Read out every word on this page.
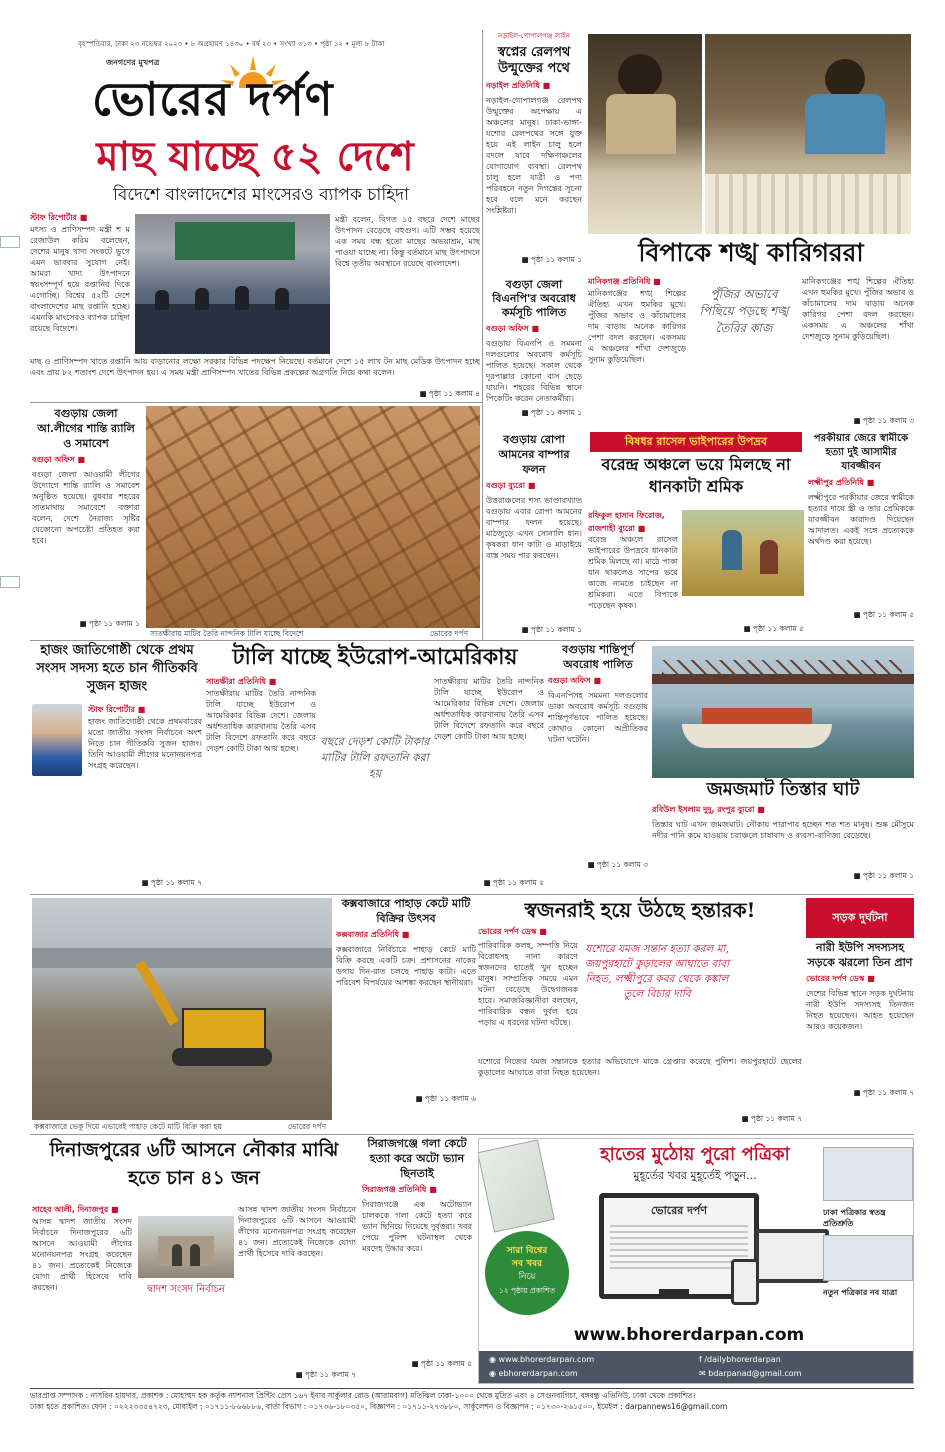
বৃহস্পতিবার, ঢাকা ২৩ নভেম্বর ২০২৩ • ৮ অগ্রহায়ণ ১৪৩০ • বর্ষ ২৩ • সংখ্যা ৩১৩ • পৃষ্ঠা ১২ • মূল্য ৮ টাকা
জনগণের মুখপত্র
ভোরের দর্পণ
মাছ যাচ্ছে ৫২ দেশে
বিদেশে বাংলাদেশের মাংসেরও ব্যাপক চাহিদা
স্টাফ রিপোর্টার ■
মৎস্য ও প্রাণিসম্পদ মন্ত্রী শ ম রেজাউল করিম বলেছেন, দেশের মানুষ খাদ্য সংকটে ভুগে এমন ভাববার সুযোগ নেই। আমরা খাদ্য উৎপাদনে স্বয়ংসম্পূর্ণ হয়ে রপ্তানির দিকে এগোচ্ছি। বিশ্বের ৫২টি দেশে বাংলাদেশের মাছ রপ্তানি হচ্ছে। এমনকি মাংসেরও ব্যাপক চাহিদা রয়েছে বিদেশে।
মন্ত্রী বলেন, বিগত ১৫ বছরে দেশে মাছের উৎপাদন বেড়েছে বহুগুণ। এটি সম্ভব হয়েছে এক সময় বন্ধ হতো মাছের অভয়াশ্রম, মাছ পাওয়া যাচ্ছে না। কিন্তু বর্তমানে মাছ উৎপাদনে বিশ্বে তৃতীয় অবস্থানে রয়েছে বাংলাদেশ।
মাছ ও প্রাণিসম্পদ খাতে রপ্তানি আয় বাড়ানোর লক্ষ্যে সরকার বিভিন্ন পদক্ষেপ নিয়েছে। বর্তমানে দেশে ১৫ লাখ টন মাছ মেডিক উৎপাদন হচ্ছে এবং প্রায় ৮২ শতাংশ দেশে উৎপাদন হয়। এ সময় মন্ত্রী প্রাণিসম্পদ খাতের বিভিন্ন প্রকল্পের অগ্রগতি নিয়ে কথা বলেন।
■ পৃষ্ঠা ১১ কলাম ৪
নড়াইল-গোপালগঞ্জ লাইন
স্বপ্নের রেলপথ উন্মুক্তের পথে
নড়াইল প্রতিনিধি ■
নড়াইল-গোপালগঞ্জ রেলপথ উন্মুক্তের অপেক্ষায় এ অঞ্চলের মানুষ। ঢাকা-ভাঙ্গা-যশোর রেলপথের সঙ্গে যুক্ত হয়ে এই লাইন চালু হলে বদলে যাবে দক্ষিণাঞ্চলের যোগাযোগ ব্যবস্থা। রেলপথ চালু হলে যাত্রী ও পণ্য পরিবহনে নতুন দিগন্তের সূচনা হবে বলে মনে করছেন সংশ্লিষ্টরা।
■ পৃষ্ঠা ১১ কলাম ১
বগুড়া জেলা বিএনপি'র অবরোধ কর্মসূচি পালিত
বগুড়া অফিস ■
বগুড়ায় বিএনপি ও সমমনা দলগুলোর অবরোধ কর্মসূচি পালিত হয়েছে। সকাল থেকে দূরপাল্লার কোনো বাস ছেড়ে যায়নি। শহরের বিভিন্ন স্থানে পিকেটিং করেন নেতাকর্মীরা।
■ পৃষ্ঠা ১১ কলাম ১
বিপাকে শঙ্খ কারিগররা
মানিকগঞ্জ প্রতিনিধি ■
মানিকগঞ্জের শঙ্খ শিল্পের ঐতিহ্য এখন হুমকির মুখে। পুঁজির অভাব ও কাঁচামালের দাম বাড়ায় অনেক কারিগর পেশা বদল করছেন। একসময় এ অঞ্চলের শাঁখা দেশজুড়ে সুনাম কুড়িয়েছিল।
পুঁজির অভাবে পিছিয়ে পড়ছে শঙ্খ তৈরির কাজ
মানিকগঞ্জের শঙ্খ শিল্পের ঐতিহ্য এখন হুমকির মুখে। পুঁজির অভাব ও কাঁচামালের দাম বাড়ায় অনেক কারিগর পেশা বদল করছেন। একসময় এ অঞ্চলের শাঁখা দেশজুড়ে সুনাম কুড়িয়েছিল।
■ পৃষ্ঠা ১১ কলাম ৩
বগুড়ায় জেলা আ.লীগের শান্তি র‍্যালি ও সমাবেশ
বগুড়া অফিস ■
বগুড়া জেলা আওয়ামী লীগের উদ্যোগে শান্তি র‍্যালি ও সমাবেশ অনুষ্ঠিত হয়েছে। বুধবার শহরের সাতমাথায় সমাবেশে বক্তারা বলেন, দেশে নৈরাজ্য সৃষ্টির যেকোনো অপচেষ্টা প্রতিহত করা হবে।
■ পৃষ্ঠা ১১ কলাম ১
সাতক্ষীরায় মাটির তৈরি নান্দনিক টালি যাচ্ছে বিদেশে	ভোরের দর্পণ
বগুড়ায় রোপা আমনের বাম্পার ফলন
বগুড়া ব্যুরো ■
উত্তরাঞ্চলের শস্য ভাণ্ডারখ্যাত বগুড়ায় এবার রোপা আমনের বাম্পার ফলন হয়েছে। মাঠজুড়ে এখন সোনালি ধান। কৃষকরা ধান কাটা ও মাড়াইয়ে ব্যস্ত সময় পার করছেন।
■ পৃষ্ঠা ১১ কলাম ১
বিষধর রাসেল ভাইপারের উপদ্রব
বরেন্দ্র অঞ্চলে ভয়ে মিলছে না ধানকাটা শ্রমিক
রফিকুল হাসান ফিরোজ, রাজশাহী ব্যুরো ■
বরেন্দ্র অঞ্চলে রাসেল ভাইপারের উপদ্রবে ধানকাটা শ্রমিক মিলছে না। মাঠে পাকা ধান থাকলেও সাপের ভয়ে কাজে নামতে চাইছেন না শ্রমিকরা। এতে বিপাকে পড়েছেন কৃষক।
■ পৃষ্ঠা ১১ কলাম ৫
পরকীয়ার জেরে স্বামীকে হত্যা দুই আসামীর যাবজ্জীবন
লক্ষ্মীপুর প্রতিনিধি ■
লক্ষ্মীপুরে পরকীয়ার জেরে স্বামীকে হত্যার দায়ে স্ত্রী ও তার প্রেমিককে যাবজ্জীবন কারাদণ্ড দিয়েছেন আদালত। একই সঙ্গে প্রত্যেককে অর্থদণ্ড করা হয়েছে।
■ পৃষ্ঠা ১১ কলাম ৫
হাজং জাতিগোষ্ঠী থেকে প্রথম সংসদ সদস্য হতে চান গীতিকবি সুজন হাজং
স্টাফ রিপোর্টার ■
হাজং জাতিগোষ্ঠী থেকে প্রথমবারের মতো জাতীয় সংসদ নির্বাচনে অংশ নিতে চান গীতিকবি সুজন হাজং। তিনি আওয়ামী লীগের মনোনয়নপত্র সংগ্রহ করেছেন।
■ পৃষ্ঠা ১১ কলাম ৭
টালি যাচ্ছে ইউরোপ-আমেরিকায়
সাতক্ষীরা প্রতিনিধি ■
সাতক্ষীরায় মাটির তৈরি নান্দনিক টালি যাচ্ছে ইউরোপ ও আমেরিকার বিভিন্ন দেশে। জেলায় অর্ধশতাধিক কারখানায় তৈরি এসব টালি বিদেশে রফতানি করে বছরে দেড়শ কোটি টাকা আয় হচ্ছে।
বছরে দেড়শ কোটি টাকার মাটির টালি রফতানি করা হয়
সাতক্ষীরায় মাটির তৈরি নান্দনিক টালি যাচ্ছে ইউরোপ ও আমেরিকার বিভিন্ন দেশে। জেলায় অর্ধশতাধিক কারখানায় তৈরি এসব টালি বিদেশে রফতানি করে বছরে দেড়শ কোটি টাকা আয় হচ্ছে।
■ পৃষ্ঠা ১১ কলাম ৫
বগুড়ায় শান্তিপূর্ণ অবরোধ পালিত
বগুড়া অফিস ■
বিএনপিসহ সমমনা দলগুলোর ডাকা অবরোধ কর্মসূচি বগুড়ায় শান্তিপূর্ণভাবে পালিত হয়েছে। কোথাও কোনো অপ্রীতিকর ঘটনা ঘটেনি।
■ পৃষ্ঠা ১১ কলাম ৩
জমজমাট তিস্তার ঘাট
রবিউল ইসলাম দুদু, রংপুর ব্যুরো ■
তিস্তার ঘাট এখন জমজমাট। নৌকায় পারাপার হচ্ছেন শত শত মানুষ। শুষ্ক মৌসুমে নদীর পানি কমে যাওয়ায় চরাঞ্চলে চাষাবাদ ও ব্যবসা-বাণিজ্য বেড়েছে।
■ পৃষ্ঠা ১১ কলাম ১
কক্সবাজারে ভেকু দিয়ে এভাবেই পাহাড় কেটে মাটি বিক্রি করা হয়	ভোরের দর্পণ
কক্সবাজারে পাহাড় কেটে মাটি বিক্রির উৎসব
কক্সবাজার প্রতিনিধি ■
কক্সবাজারে নির্বিচারে পাহাড় কেটে মাটি বিক্রি করছে একটি চক্র। প্রশাসনের নাকের ডগায় দিন-রাত চলছে পাহাড় কাটা। এতে পরিবেশ বিপর্যয়ের আশঙ্কা করছেন স্থানীয়রা।
■ পৃষ্ঠা ১১ কলাম ৬
স্বজনরাই হয়ে উঠছে হন্তারক!
ভোরের দর্পণ ডেস্ক ■
পারিবারিক কলহ, সম্পত্তি নিয়ে বিরোধসহ নানা কারণে স্বজনদের হাতেই খুন হচ্ছেন মানুষ। সাম্প্রতিক সময়ে এমন ঘটনা বেড়েছে উদ্বেগজনক হারে। সমাজবিজ্ঞানীরা বলছেন, পারিবারিক বন্ধন দুর্বল হয়ে পড়ায় এ ধরনের ঘটনা ঘটছে।
যশোরে যমজ সন্তান হত্যা করল মা, জয়পুরহাটে কুড়ালের আঘাতে বাবা নিহত, লক্ষ্মীপুরে কবর থেকে কঙ্কাল তুলে বিচার দাবি
যশোরে নিজের যমজ সন্তানকে হত্যার অভিযোগে মাকে গ্রেপ্তার করেছে পুলিশ। জয়পুরহাটে ছেলের কুড়ালের আঘাতে বাবা নিহত হয়েছেন।
■ পৃষ্ঠা ১১ কলাম ৭
সড়ক দুর্ঘটনা
নারী ইউপি সদস্যসহ সড়কে ঝরলো তিন প্রাণ
ভোরের দর্পণ ডেস্ক ■
দেশের বিভিন্ন স্থানে সড়ক দুর্ঘটনায় নারী ইউপি সদস্যসহ তিনজন নিহত হয়েছেন। আহত হয়েছেন আরও কয়েকজন।
■ পৃষ্ঠা ১১ কলাম ৭
দিনাজপুরের ৬টি আসনে নৌকার মাঝি হতে চান ৪১ জন
সাহেব আলী, দিনাজপুর ■
আসন্ন দ্বাদশ জাতীয় সংসদ নির্বাচনে দিনাজপুরের ৬টি আসনে আওয়ামী লীগের মনোনয়নপত্র সংগ্রহ করেছেন ৪১ জন। প্রত্যেকেই নিজেকে যোগ্য প্রার্থী হিসেবে দাবি করছেন।	দ্বাদশ সংসদ নির্বাচন
আসন্ন দ্বাদশ জাতীয় সংসদ নির্বাচনে দিনাজপুরের ৬টি আসনে আওয়ামী লীগের মনোনয়নপত্র সংগ্রহ করেছেন ৪১ জন। প্রত্যেকেই নিজেকে যোগ্য প্রার্থী হিসেবে দাবি করছেন।
■ পৃষ্ঠা ১১ কলাম ৭
সিরাজগঞ্জে গলা কেটে হত্যা করে অটো ভ্যান ছিনতাই
সিরাজগঞ্জ প্রতিনিধি ■
সিরাজগঞ্জে এক অটোভ্যান চালককে গলা কেটে হত্যা করে ভ্যান ছিনিয়ে নিয়েছে দুর্বৃত্তরা। খবর পেয়ে পুলিশ ঘটনাস্থল থেকে মরদেহ উদ্ধার করে।
■ পৃষ্ঠা ১১ কলাম ৫
হাতের মুঠোয় পুরো পত্রিকা
মুহূর্তের খবর মুহূর্তেই পড়ুন...
সারা বিশ্বের
সব খবর
নিয়ে
১২ পৃষ্ঠায় প্রকাশিত
ভোরের দর্পণ	ঢাকা পত্রিকার স্বতন্ত্র প্রতিশ্রুতি
নতুন পত্রিকার নব যাত্রা
www.bhorerdarpan.com
◉ www.bhorerdarpan.com
◉ ebhorerdarpan.com
f /dailybhorerdarpan
✉ bdarpanad@gmail.com
ভারপ্রাপ্ত সম্পাদক : নাসরিন হায়দার, প্রকাশক : মোহাম্মদ হক কর্তৃক ন্যাশনাল প্রিন্টিং প্রেস ১৬৭ ইনার সার্কুলার রোড (আরামবাগ) মতিঝিল ঢাকা-১০০০ থেকে মুদ্রিত এবং ৪ সেগুনবাগিচা, বঙ্গবন্ধু এভিনিউ, ঢাকা থেকে প্রকাশিত।
ঢাকা হতে প্রকাশিত। ফোন : ০২২২৩৩৫৪৭২৩, মোবাইল : ০১৭১১-৮৬৬৮৮৬, বার্তা বিভাগ : ০১৭৩৬-১৮০৩৫০, বিজ্ঞাপন : ০১৭১১-২৭৩৮৮০, সার্কুলেশন ও বিজ্ঞাপন : ০১৭৩০-২৬১৫০০, ইমেইল : darpannews16@gmail.com
